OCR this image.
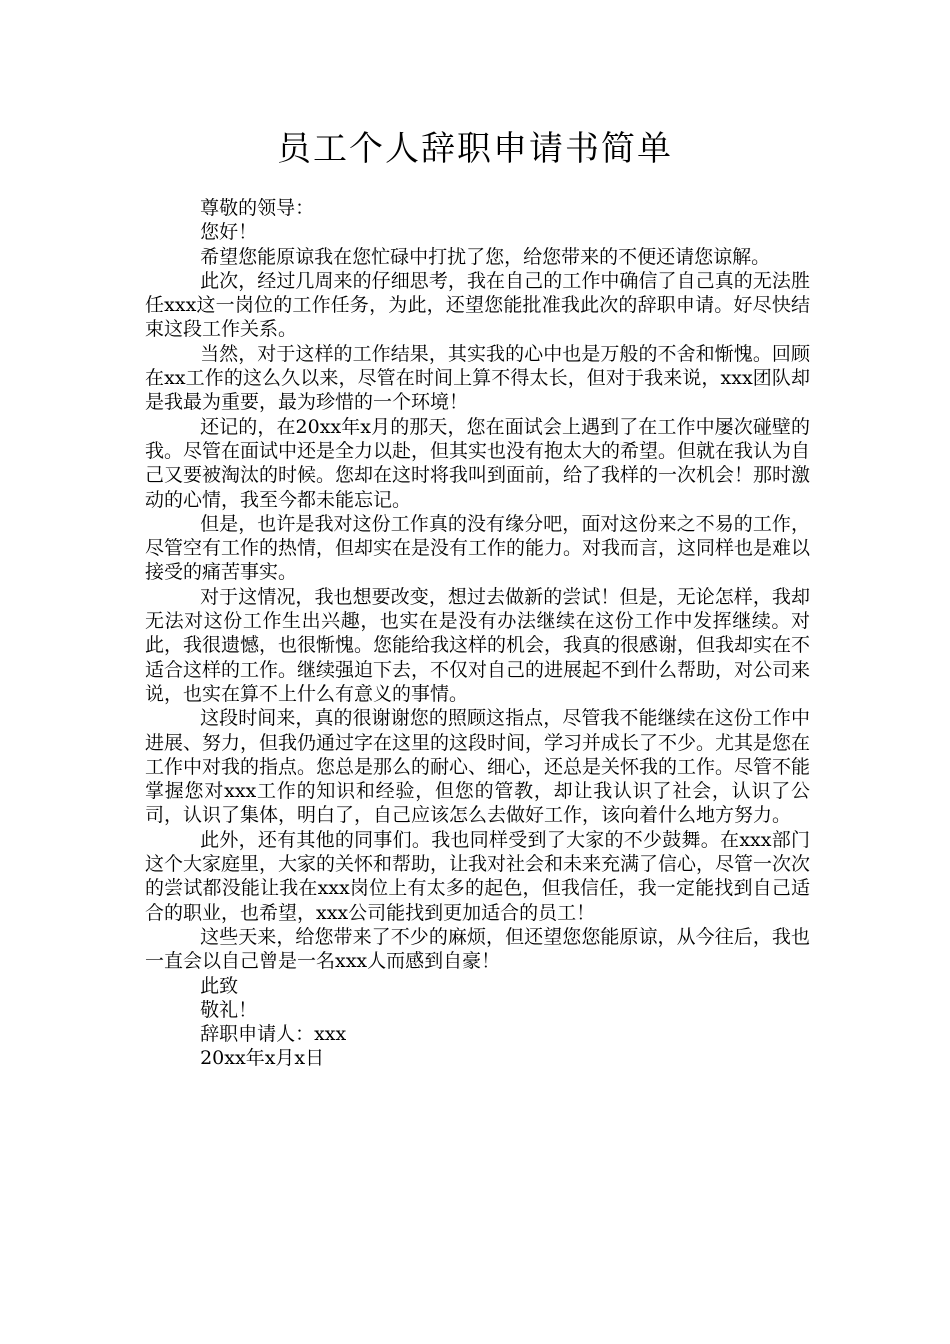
员工个人辞职申请书简单

尊敬的领导：

您好！

希望您能原谅我在您忙碌中打扰了您，给您带来的不便还请您谅解。

此次，经过几周来的仔细思考，我在自己的工作中确信了自己真的无法胜任xxx这一岗位的工作任务，为此，还望您能批准我此次的辞职申请。好尽快结束这段工作关系。

当然，对于这样的工作结果，其实我的心中也是万般的不舍和惭愧。回顾在xx工作的这么久以来，尽管在时间上算不得太长，但对于我来说，xxx团队却是我最为重要，最为珍惜的一个环境！

还记的，在20xx年x月的那天，您在面试会上遇到了在工作中屡次碰壁的我。尽管在面试中还是全力以赴，但其实也没有抱太大的希望。但就在我认为自己又要被淘汰的时候。您却在这时将我叫到面前，给了我样的一次机会！那时激动的心情，我至今都未能忘记。

但是，也许是我对这份工作真的没有缘分吧，面对这份来之不易的工作，尽管空有工作的热情，但却实在是没有工作的能力。对我而言，这同样也是难以接受的痛苦事实。

对于这情况，我也想要改变，想过去做新的尝试！但是，无论怎样，我却无法对这份工作生出兴趣，也实在是没有办法继续在这份工作中发挥继续。对此，我很遗憾，也很惭愧。您能给我这样的机会，我真的很感谢，但我却实在不适合这样的工作。继续强迫下去，不仅对自己的进展起不到什么帮助，对公司来说，也实在算不上什么有意义的事情。

这段时间来，真的很谢谢您的照顾这指点，尽管我不能继续在这份工作中进展、努力，但我仍通过字在这里的这段时间，学习并成长了不少。尤其是您在工作中对我的指点。您总是那么的耐心、细心，还总是关怀我的工作。尽管不能掌握您对xxx工作的知识和经验，但您的管教，却让我认识了社会，认识了公司，认识了集体，明白了，自己应该怎么去做好工作，该向着什么地方努力。

此外，还有其他的同事们。我也同样受到了大家的不少鼓舞。在xxx部门这个大家庭里，大家的关怀和帮助，让我对社会和未来充满了信心，尽管一次次的尝试都没能让我在xxx岗位上有太多的起色，但我信任，我一定能找到自己适合的职业，也希望，xxx公司能找到更加适合的员工！

这些天来，给您带来了不少的麻烦，但还望您您能原谅，从今往后，我也一直会以自己曾是一名xxx人而感到自豪！

此致

敬礼！

辞职申请人：xxx

20xx年x月x日
